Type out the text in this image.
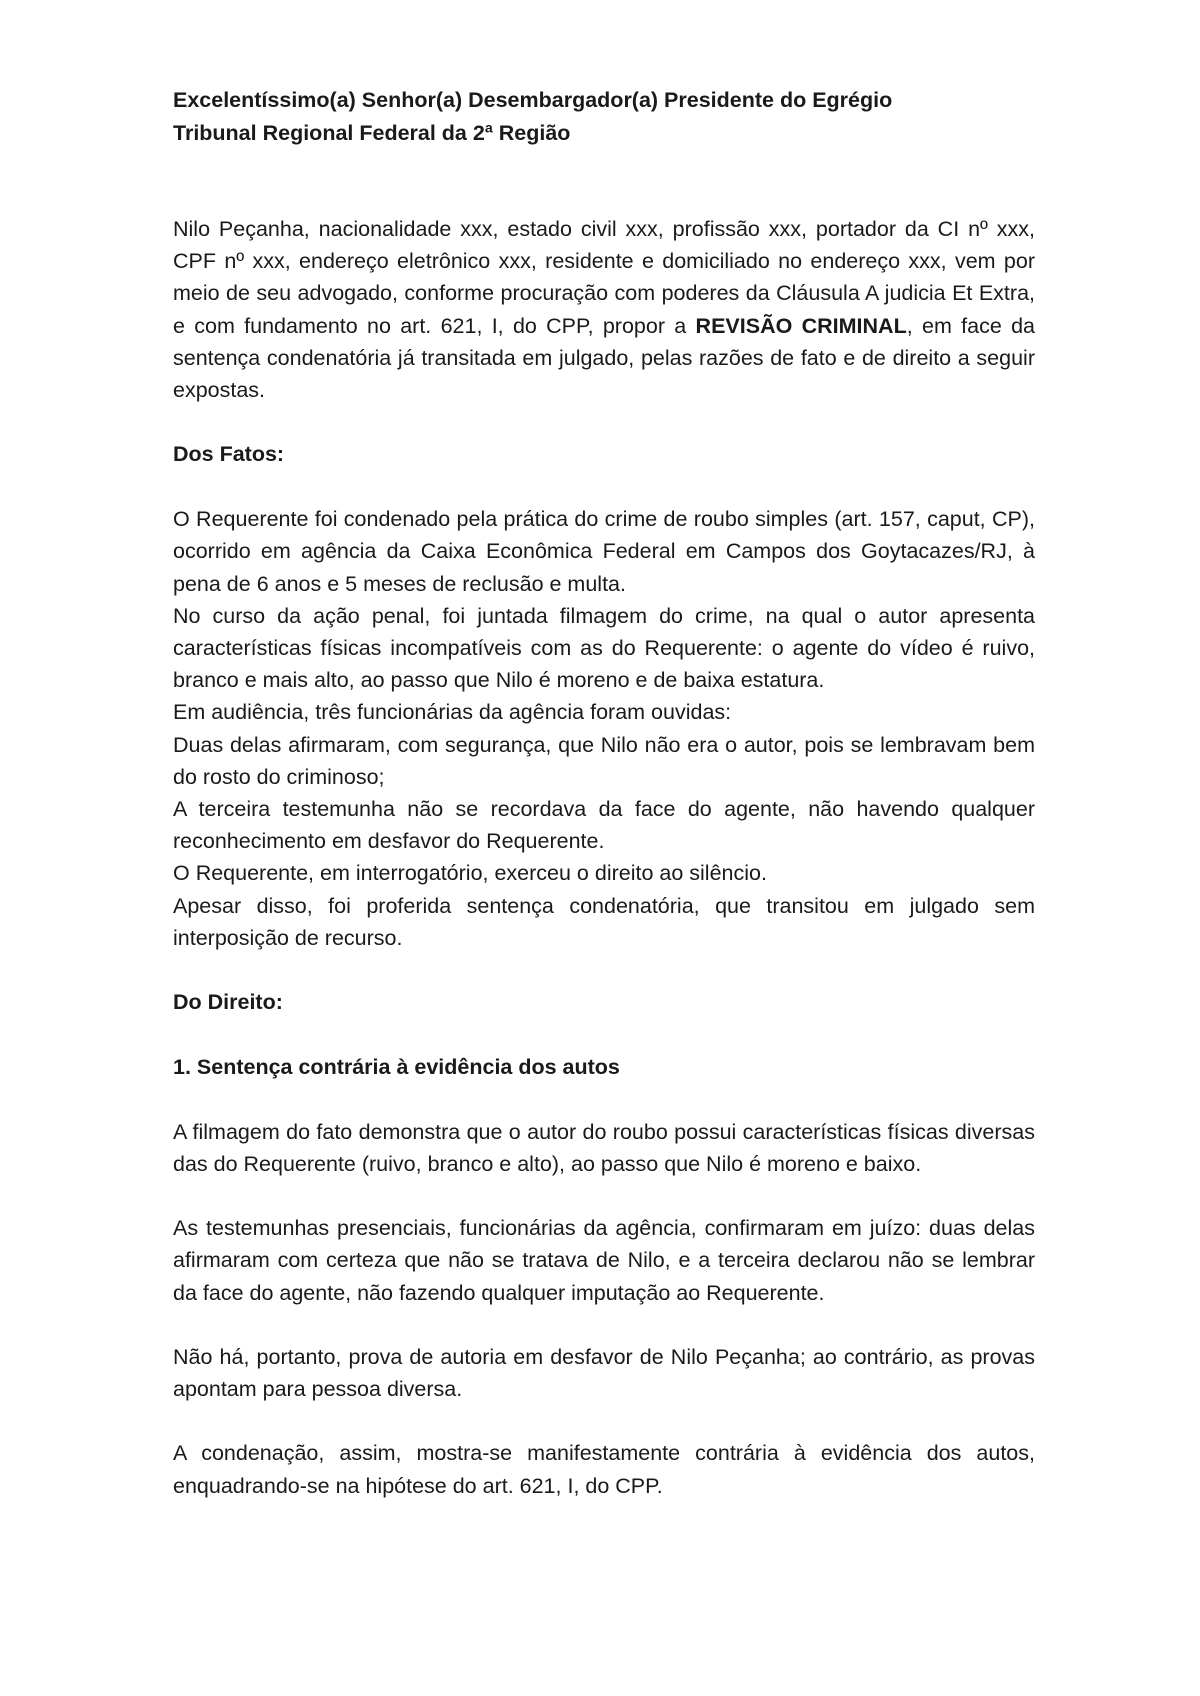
Excelentíssimo(a) Senhor(a) Desembargador(a) Presidente do Egrégio
Tribunal Regional Federal da 2ª Região

Nilo Peçanha, nacionalidade xxx, estado civil xxx, profissão xxx, portador da CI nº xxx, CPF nº xxx, endereço eletrônico xxx, residente e domiciliado no endereço xxx, vem por meio de seu advogado, conforme procuração com poderes da Cláusula A judicia Et Extra, e com fundamento no art. 621, I, do CPP, propor a REVISÃO CRIMINAL, em face da sentença condenatória já transitada em julgado, pelas razões de fato e de direito a seguir expostas.

Dos Fatos:

O Requerente foi condenado pela prática do crime de roubo simples (art. 157, caput, CP), ocorrido em agência da Caixa Econômica Federal em Campos dos Goytacazes/RJ, à pena de 6 anos e 5 meses de reclusão e multa.

No curso da ação penal, foi juntada filmagem do crime, na qual o autor apresenta características físicas incompatíveis com as do Requerente: o agente do vídeo é ruivo, branco e mais alto, ao passo que Nilo é moreno e de baixa estatura.

Em audiência, três funcionárias da agência foram ouvidas:

Duas delas afirmaram, com segurança, que Nilo não era o autor, pois se lembravam bem do rosto do criminoso;

A terceira testemunha não se recordava da face do agente, não havendo qualquer reconhecimento em desfavor do Requerente.

O Requerente, em interrogatório, exerceu o direito ao silêncio.

Apesar disso, foi proferida sentença condenatória, que transitou em julgado sem interposição de recurso.

Do Direito:
1. Sentença contrária à evidência dos autos

A filmagem do fato demonstra que o autor do roubo possui características físicas diversas das do Requerente (ruivo, branco e alto), ao passo que Nilo é moreno e baixo.

As testemunhas presenciais, funcionárias da agência, confirmaram em juízo: duas delas afirmaram com certeza que não se tratava de Nilo, e a terceira declarou não se lembrar da face do agente, não fazendo qualquer imputação ao Requerente.

Não há, portanto, prova de autoria em desfavor de Nilo Peçanha; ao contrário, as provas apontam para pessoa diversa.

A condenação, assim, mostra-se manifestamente contrária à evidência dos autos, enquadrando-se na hipótese do art. 621, I, do CPP.
